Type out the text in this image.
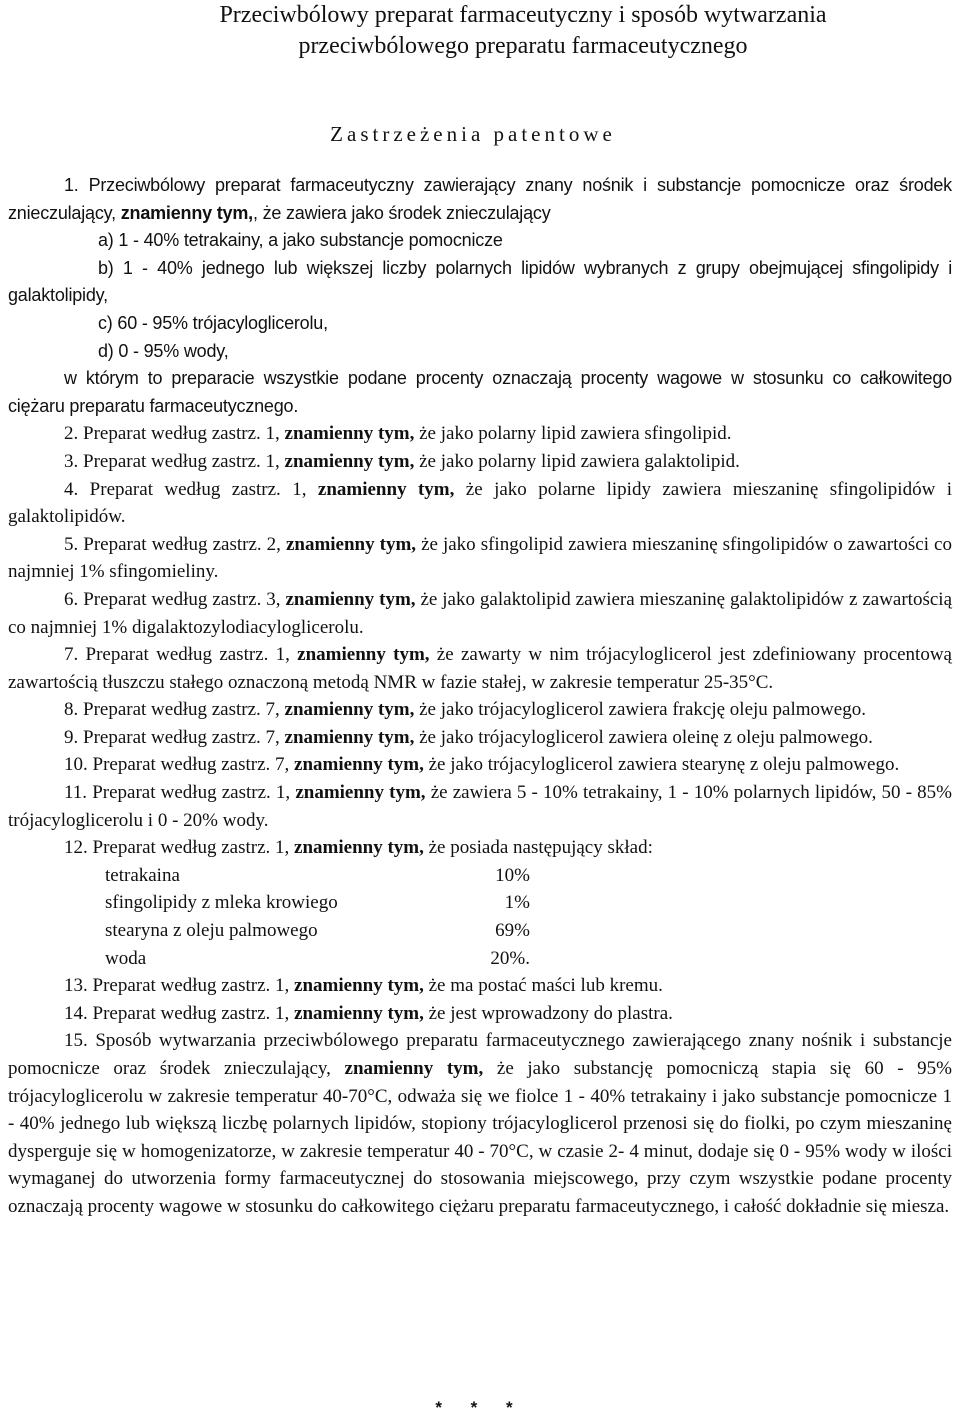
Przeciwbólowy preparat farmaceutyczny i sposób wytwarzania
przeciwbólowego preparatu farmaceutycznego
Zastrzeżenia patentowe

1. Przeciwbólowy preparat farmaceutyczny zawierający znany nośnik i substancje pomocnicze oraz środek znieczulający, znamienny tym,, że zawiera jako środek znieczulający

a) 1 - 40% tetrakainy, a jako substancje pomocnicze

b) 1 - 40% jednego lub większej liczby polarnych lipidów wybranych z grupy obejmującej sfingolipidy i galaktolipidy,

c) 60 - 95% trójacyloglicerolu,

d) 0 - 95% wody,

w którym to preparacie wszystkie podane procenty oznaczają procenty wagowe w stosunku co całkowitego ciężaru preparatu farmaceutycznego.

2. Preparat według zastrz. 1, znamienny tym, że jako polarny lipid zawiera sfingolipid.

3. Preparat według zastrz. 1, znamienny tym, że jako polarny lipid zawiera galaktolipid.

4. Preparat według zastrz. 1, znamienny tym, że jako polarne lipidy zawiera mieszaninę sfingolipidów i galaktolipidów.

5. Preparat według zastrz. 2, znamienny tym, że jako sfingolipid zawiera mieszaninę sfingolipidów o zawartości co najmniej 1% sfingomieliny.

6. Preparat według zastrz. 3, znamienny tym, że jako galaktolipid zawiera mieszaninę galaktolipidów z zawartością co najmniej 1% digalaktozylodiacyloglicerolu.

7. Preparat według zastrz. 1, znamienny tym, że zawarty w nim trójacyloglicerol jest zdefiniowany procentową zawartością tłuszczu stałego oznaczoną metodą NMR w fazie stałej, w zakresie temperatur 25-35°C.

8. Preparat według zastrz. 7, znamienny tym, że jako trójacyloglicerol zawiera frakcję oleju palmowego.

9. Preparat według zastrz. 7, znamienny tym, że jako trójacyloglicerol zawiera oleinę z oleju palmowego.

10. Preparat według zastrz. 7, znamienny tym, że jako trójacyloglicerol zawiera stearynę z oleju palmowego.

11. Preparat według zastrz. 1, znamienny tym, że zawiera 5 - 10% tetrakainy, 1 - 10% polarnych lipidów, 50 - 85% trójacyloglicerolu i 0 - 20% wody.

12. Preparat według zastrz. 1, znamienny tym, że posiada następujący skład:

tetrakaina	10%
sfingolipidy z mleka krowiego	1%
stearyna z oleju palmowego	69%
woda	20%.

13. Preparat według zastrz. 1, znamienny tym, że ma postać maści lub kremu.

14. Preparat według zastrz. 1, znamienny tym, że jest wprowadzony do plastra.

15. Sposób wytwarzania przeciwbólowego preparatu farmaceutycznego zawierającego znany nośnik i substancje pomocnicze oraz środek znieczulający, znamienny tym, że jako substancję pomocniczą stapia się 60 - 95% trójacyloglicerolu w zakresie temperatur 40-70°C, odważa się we fiolce 1 - 40% tetrakainy i jako substancje pomocnicze 1 - 40% jednego lub większą liczbę polarnych lipidów, stopiony trójacyloglicerol przenosi się do fiolki, po czym mieszaninę dysperguje się w homogenizatorze, w zakresie temperatur 40 - 70°C, w czasie 2- 4 minut, dodaje się 0 - 95% wody w ilości wymaganej do utworzenia formy farmaceutycznej do stosowania miejscowego, przy czym wszystkie podane procenty oznaczają procenty wagowe w stosunku do całkowitego ciężaru preparatu farmaceutycznego, i całość dokładnie się miesza.

* * *
